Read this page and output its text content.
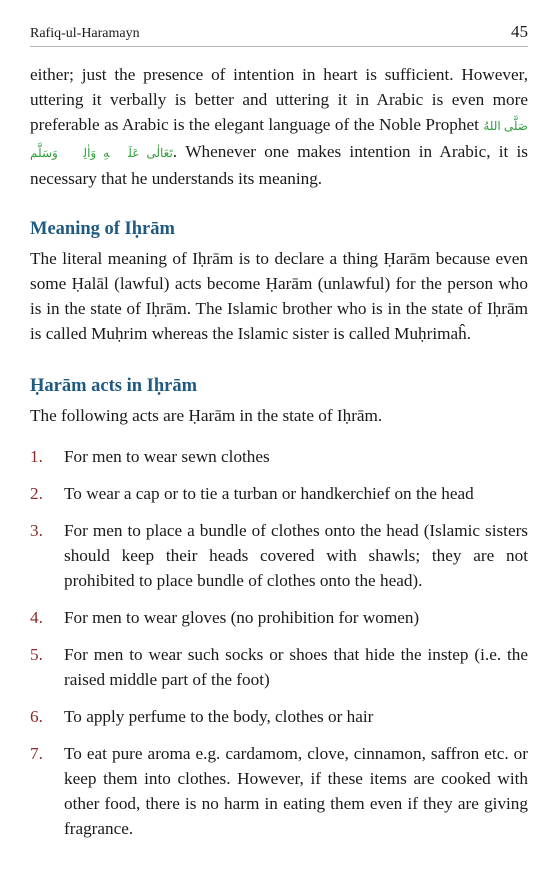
Rafiq-ul-Haramayn	45

either; just the presence of intention in heart is sufficient. However, uttering it verbally is better and uttering it in Arabic is even more preferable as Arabic is the elegant language of the Noble Prophet صَلَّى اللهُ تَعَالٰی عَلَيۡهِ وَاٰلِهٖ وَسَلَّم. Whenever one makes intention in Arabic, it is necessary that he understands its meaning.

Meaning of Iḥrām

The literal meaning of Iḥrām is to declare a thing Ḥarām because even some Ḥalāl (lawful) acts become Ḥarām (unlawful) for the person who is in the state of Iḥrām. The Islamic brother who is in the state of Iḥrām is called Muḥrim whereas the Islamic sister is called Muḥrimaĥ.

Ḥarām acts in Iḥrām

The following acts are Ḥarām in the state of Iḥrām.

1.	For men to wear sewn clothes
2.	To wear a cap or to tie a turban or handkerchief on the head
3.	For men to place a bundle of clothes onto the head (Islamic sisters should keep their heads covered with shawls; they are not prohibited to place bundle of clothes onto the head).
4.	For men to wear gloves (no prohibition for women)
5.	For men to wear such socks or shoes that hide the instep (i.e. the raised middle part of the foot)
6.	To apply perfume to the body, clothes or hair
7.	To eat pure aroma e.g. cardamom, clove, cinnamon, saffron etc. or keep them into clothes. However, if these items are cooked with other food, there is no harm in eating them even if they are giving fragrance.
